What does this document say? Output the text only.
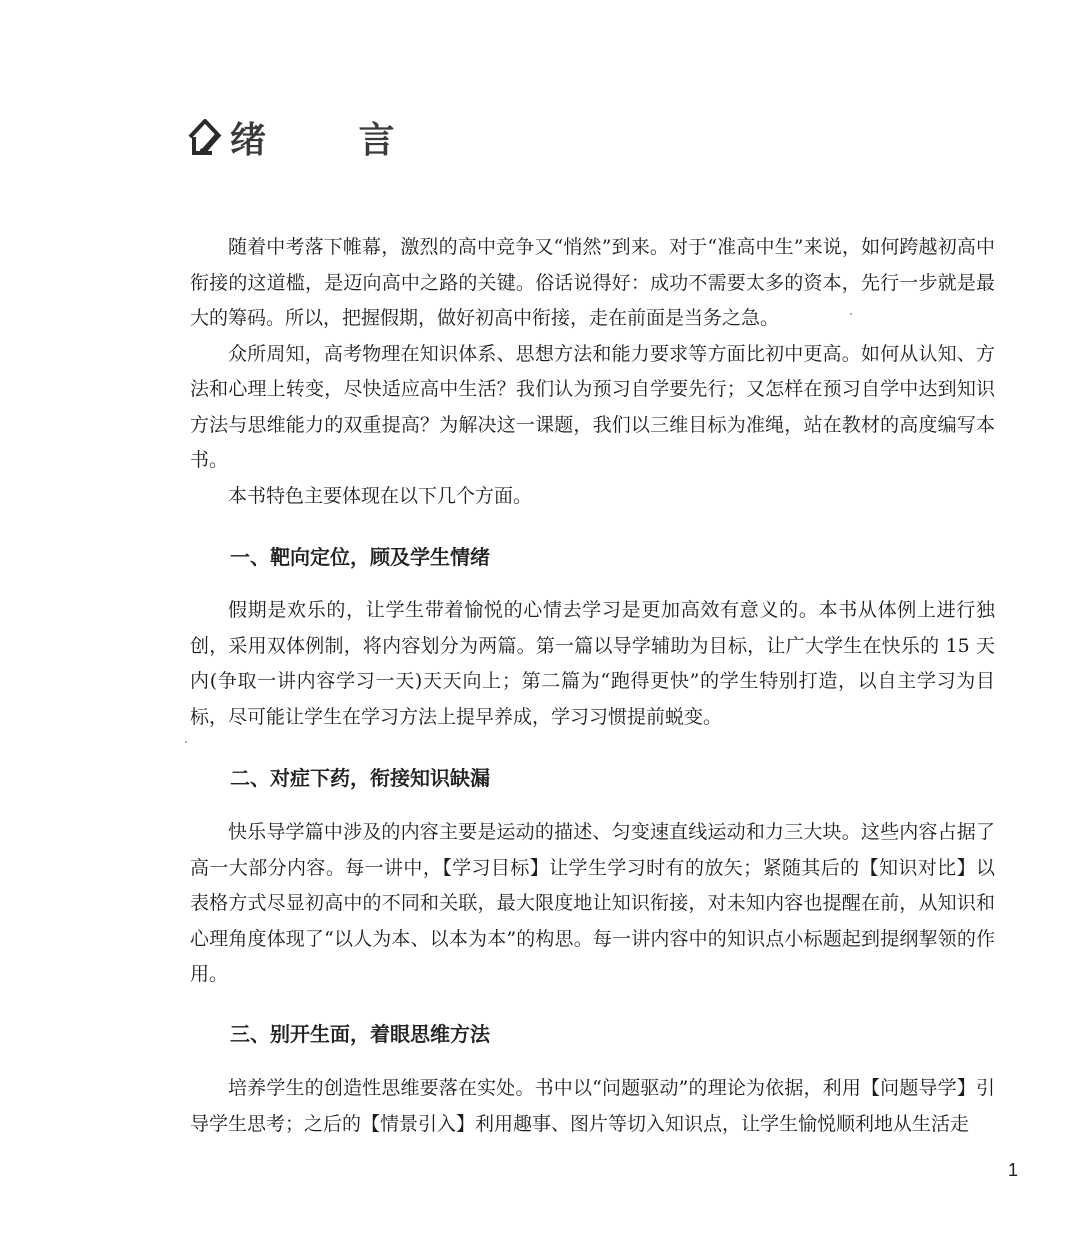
绪 言

随着中考落下帷幕，激烈的高中竞争又“悄然”到来。对于“准高中生”来说，如何跨越初高中衔接的这道槛，是迈向高中之路的关键。俗话说得好：成功不需要太多的资本，先行一步就是最大的筹码。所以，把握假期，做好初高中衔接，走在前面是当务之急。

众所周知，高考物理在知识体系、思想方法和能力要求等方面比初中更高。如何从认知、方法和心理上转变，尽快适应高中生活？我们认为预习自学要先行；又怎样在预习自学中达到知识方法与思维能力的双重提高？为解决这一课题，我们以三维目标为准绳，站在教材的高度编写本书。

本书特色主要体现在以下几个方面。

一、靶向定位，顾及学生情绪

假期是欢乐的，让学生带着愉悦的心情去学习是更加高效有意义的。本书从体例上进行独创，采用双体例制，将内容划分为两篇。第一篇以导学辅助为目标，让广大学生在快乐的 15 天内(争取一讲内容学习一天)天天向上；第二篇为“跑得更快”的学生特别打造，以自主学习为目标，尽可能让学生在学习方法上提早养成，学习习惯提前蜕变。

二、对症下药，衔接知识缺漏

快乐导学篇中涉及的内容主要是运动的描述、匀变速直线运动和力三大块。这些内容占据了高一大部分内容。每一讲中，【学习目标】让学生学习时有的放矢；紧随其后的【知识对比】以表格方式尽显初高中的不同和关联，最大限度地让知识衔接，对未知内容也提醒在前，从知识和心理角度体现了“以人为本、以本为本”的构思。每一讲内容中的知识点小标题起到提纲挈领的作用。

三、别开生面，着眼思维方法

培养学生的创造性思维要落在实处。书中以“问题驱动”的理论为依据，利用【问题导学】引导学生思考；之后的【情景引入】利用趣事、图片等切入知识点，让学生愉悦顺利地从生活走

1
